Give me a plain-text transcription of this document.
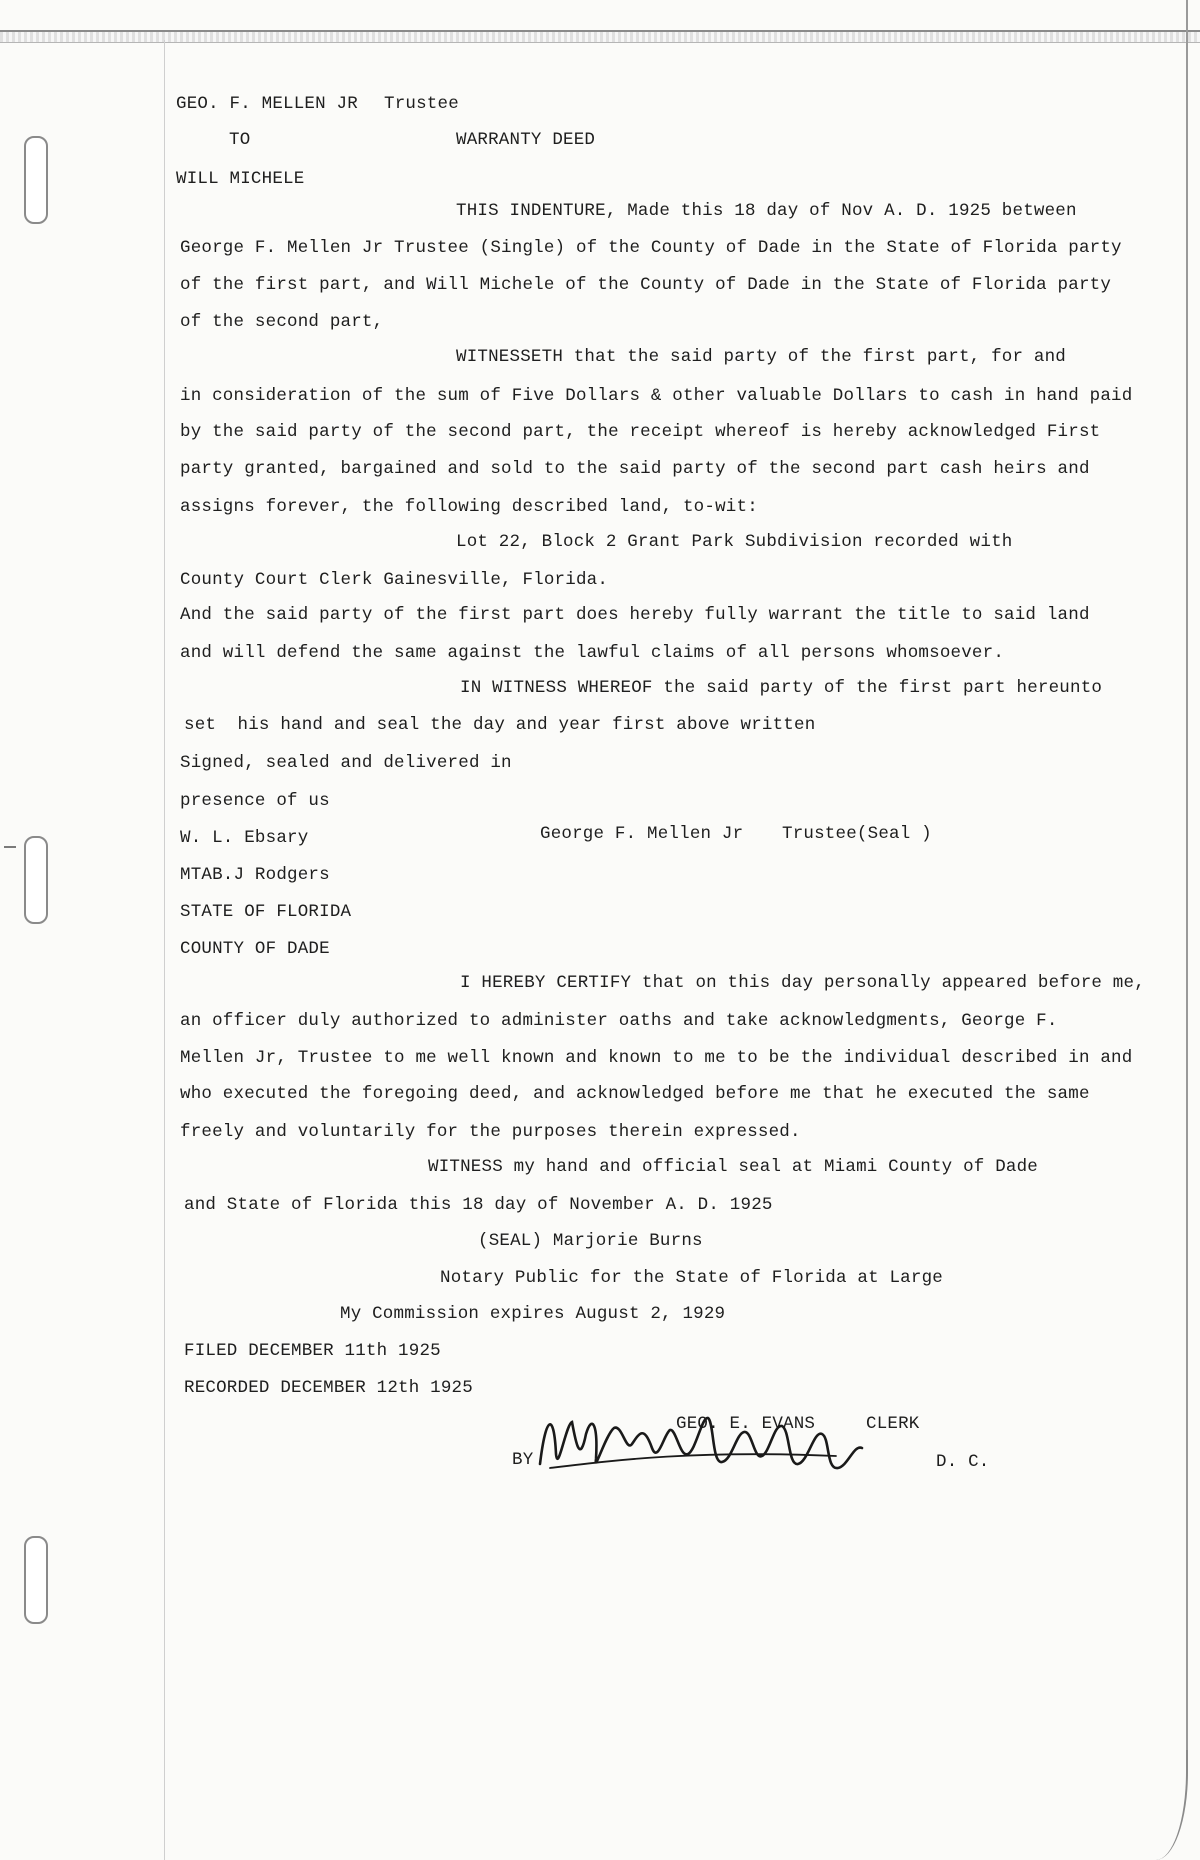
GEO. F. MELLEN JR Trustee
TO	WARRANTY DEED
WILL MICHELE
THIS INDENTURE, Made this 18 day of Nov A. D. 1925 between
George F. Mellen Jr Trustee (Single) of the County of Dade in the State of Florida party
of the first part, and Will Michele of the County of Dade in the State of Florida party
of the second part,
WITNESSETH that the said party of the first part, for and
in consideration of the sum of Five Dollars & other valuable Dollars to cash in hand paid
by the said party of the second part, the receipt whereof is hereby acknowledged First
party granted, bargained and sold to the said party of the second part cash heirs and
assigns forever, the following described land, to-wit:
Lot 22, Block 2 Grant Park Subdivision recorded with
County Court Clerk Gainesville, Florida.
And the said party of the first part does hereby fully warrant the title to said land
and will defend the same against the lawful claims of all persons whomsoever.
IN WITNESS WHEREOF the said party of the first part hereunto
set  his hand and seal the day and year first above written
Signed, sealed and delivered in
presence of us
W. L. Ebsary	George F. Mellen Jr Trustee(Seal )
MTAB.J Rodgers
STATE OF FLORIDA
COUNTY OF DADE
I HEREBY CERTIFY that on this day personally appeared before me,
an officer duly authorized to administer oaths and take acknowledgments, George F.
Mellen Jr, Trustee to me well known and known to me to be the individual described in and
who executed the foregoing deed, and acknowledged before me that he executed the same
freely and voluntarily for the purposes therein expressed.
WITNESS my hand and official seal at Miami County of Dade
and State of Florida this 18 day of November A. D. 1925
(SEAL) Marjorie Burns
Notary Public for the State of Florida at Large
My Commission expires August 2, 1929
FILED DECEMBER 11th 1925
RECORDED DECEMBER 12th 1925
GEO. E. EVANS	CLERK
BY	D. C.
